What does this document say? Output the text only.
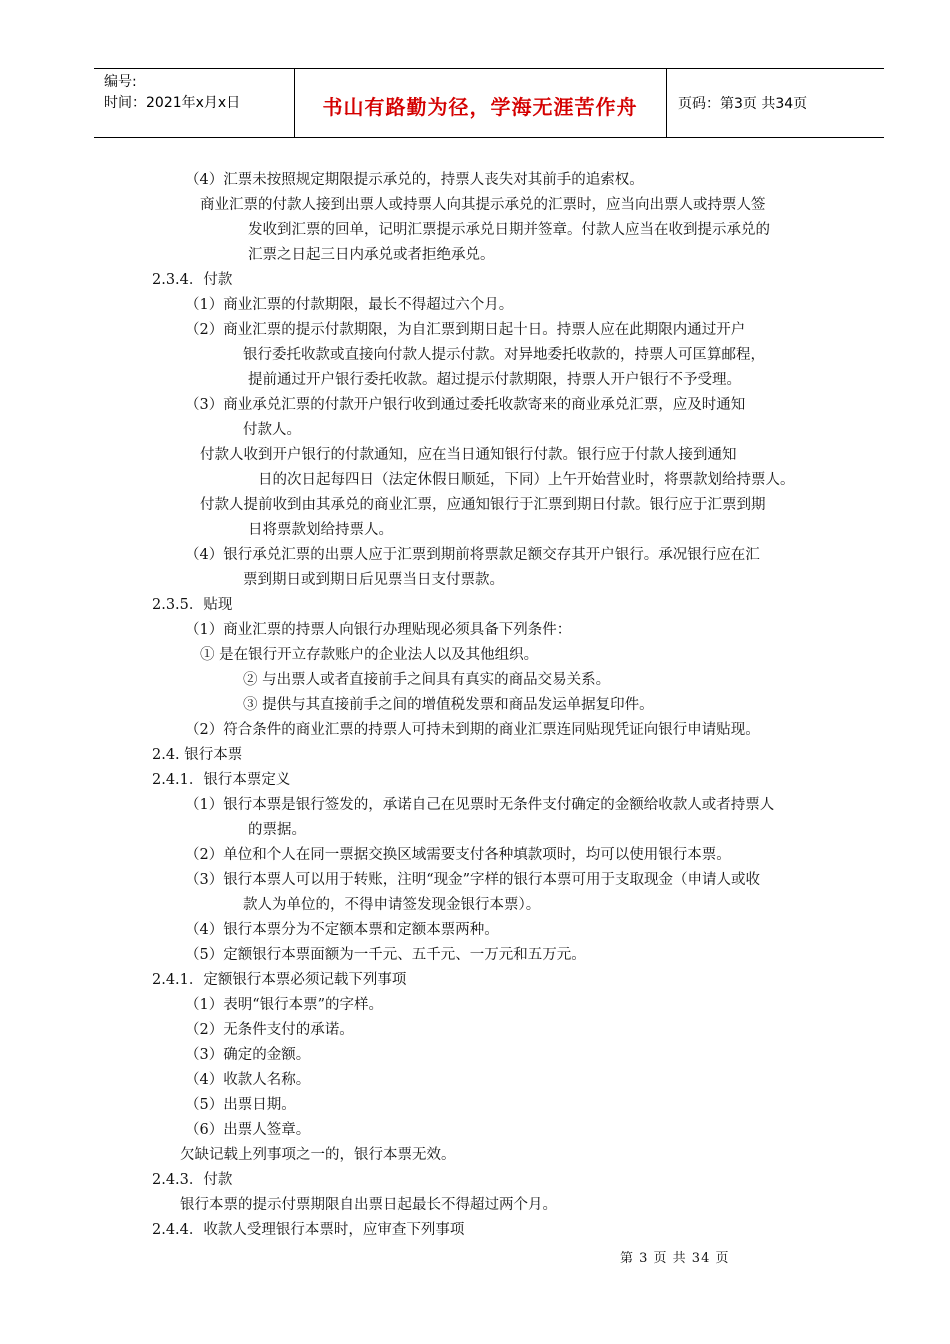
编号:
时间：2021年x月x日	书山有路勤为径，学海无涯苦作舟	页码：第3页 共34页
（4）汇票未按照规定期限提示承兑的，持票人丧失对其前手的追索权。
商业汇票的付款人接到出票人或持票人向其提示承兑的汇票时，应当向出票人或持票人签
发收到汇票的回单，记明汇票提示承兑日期并签章。付款人应当在收到提示承兑的
汇票之日起三日内承兑或者拒绝承兑。
2.3.4．付款
（1）商业汇票的付款期限，最长不得超过六个月。
（2）商业汇票的提示付款期限，为自汇票到期日起十日。持票人应在此期限内通过开户
银行委托收款或直接向付款人提示付款。对异地委托收款的，持票人可匡算邮程，
提前通过开户银行委托收款。超过提示付款期限，持票人开户银行不予受理。
（3）商业承兑汇票的付款开户银行收到通过委托收款寄来的商业承兑汇票，应及时通知
付款人。
付款人收到开户银行的付款通知，应在当日通知银行付款。银行应于付款人接到通知
日的次日起每四日（法定休假日顺延，下同）上午开始营业时，将票款划给持票人。
付款人提前收到由其承兑的商业汇票，应通知银行于汇票到期日付款。银行应于汇票到期
日将票款划给持票人。
（4）银行承兑汇票的出票人应于汇票到期前将票款足额交存其开户银行。承况银行应在汇
票到期日或到期日后见票当日支付票款。
2.3.5．贴现
（1）商业汇票的持票人向银行办理贴现必须具备下列条件：
① 是在银行开立存款账户的企业法人以及其他组织。
② 与出票人或者直接前手之间具有真实的商品交易关系。
③ 提供与其直接前手之间的增值税发票和商品发运单据复印件。
（2）符合条件的商业汇票的持票人可持未到期的商业汇票连同贴现凭证向银行申请贴现。
2.4. 银行本票
2.4.1．银行本票定义
（1）银行本票是银行签发的，承诺自己在见票时无条件支付确定的金额给收款人或者持票人
的票据。
（2）单位和个人在同一票据交换区域需要支付各种填款项时，均可以使用银行本票。
（3）银行本票人可以用于转账，注明“现金”字样的银行本票可用于支取现金（申请人或收
款人为单位的，不得申请签发现金银行本票）。
（4）银行本票分为不定额本票和定额本票两种。
（5）定额银行本票面额为一千元、五千元、一万元和五万元。
2.4.1．定额银行本票必须记载下列事项
（1）表明“银行本票”的字样。
（2）无条件支付的承诺。
（3）确定的金额。
（4）收款人名称。
（5）出票日期。
（6）出票人签章。
欠缺记载上列事项之一的，银行本票无效。
2.4.3．付款
银行本票的提示付票期限自出票日起最长不得超过两个月。
2.4.4．收款人受理银行本票时，应审查下列事项
第 3 页 共 34 页
